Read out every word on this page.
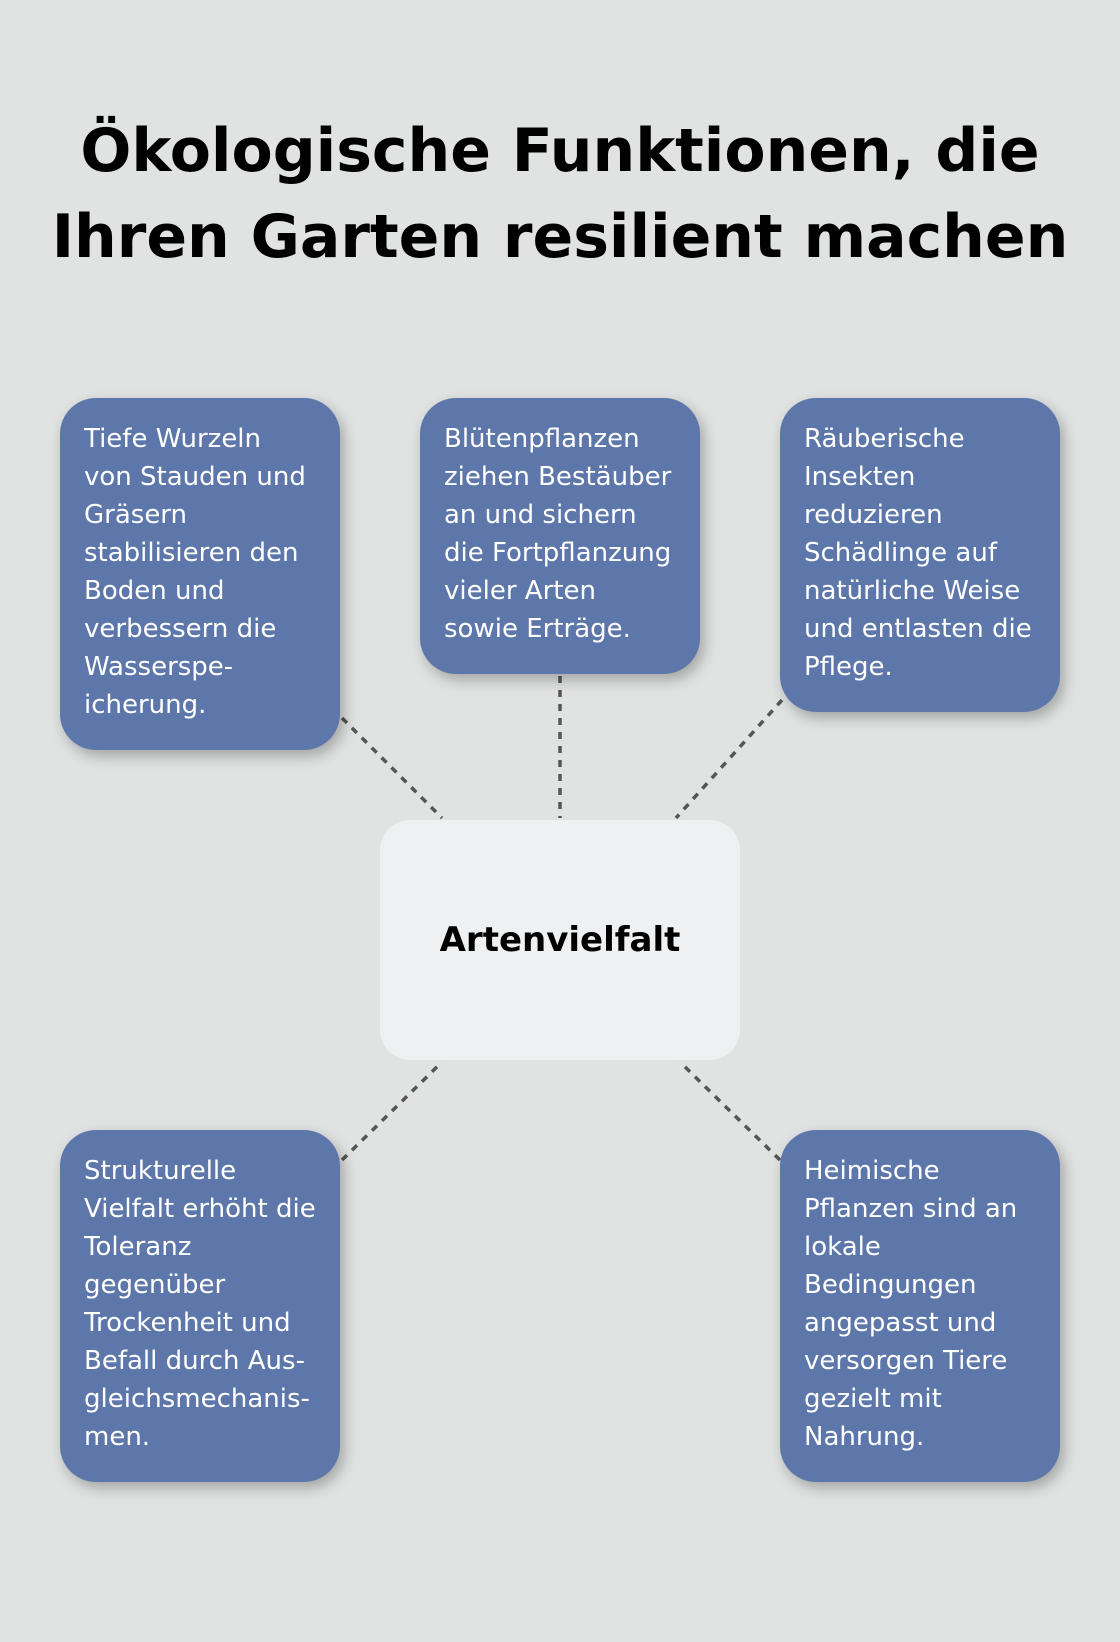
Ökologische Funktionen, die
Ihren Garten resilient machen
Tiefe Wurzeln
von Stauden und
Gräsern
stabilisieren den
Boden und
verbessern die
Wasserspe-
icherung.
Blütenpflanzen
ziehen Bestäuber
an und sichern
die Fortpflanzung
vieler Arten
sowie Erträge.
Räuberische
Insekten
reduzieren
Schädlinge auf
natürliche Weise
und entlasten die
Pflege.
Strukturelle
Vielfalt erhöht die
Toleranz
gegenüber
Trockenheit und
Befall durch Aus-
gleichsmechanis-
men.
Heimische
Pflanzen sind an
lokale
Bedingungen
angepasst und
versorgen Tiere
gezielt mit
Nahrung.
Artenvielfalt
